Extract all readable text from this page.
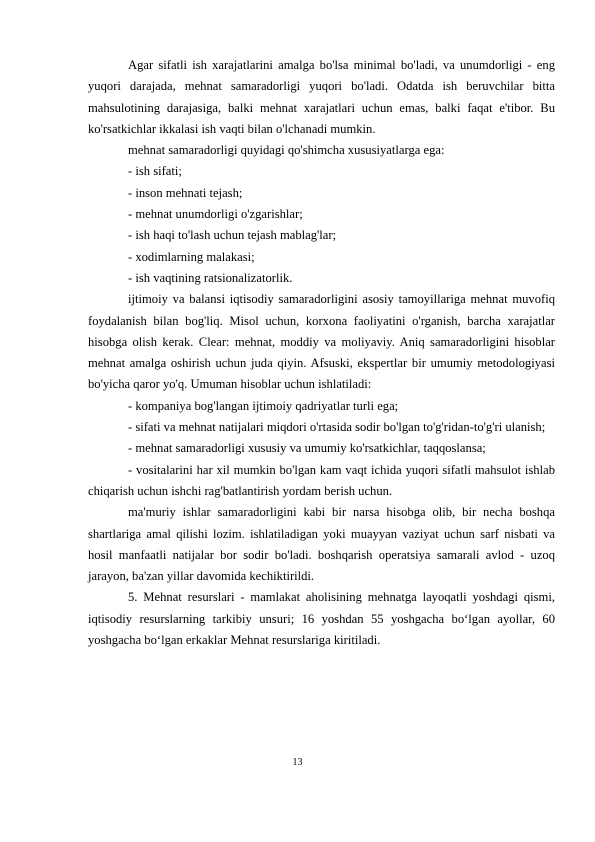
Agar sifatli ish xarajatlarini amalga bo'lsa minimal bo'ladi, va unumdorligi - eng yuqori darajada, mehnat samaradorligi yuqori bo'ladi. Odatda ish beruvchilar bitta mahsulotining darajasiga, balki mehnat xarajatlari uchun emas, balki faqat e'tibor. Bu ko'rsatkichlar ikkalasi ish vaqti bilan o'lchanadi mumkin.

mehnat samaradorligi quyidagi qo'shimcha xususiyatlarga ega:

- ish sifati;

- inson mehnati tejash;

- mehnat unumdorligi o'zgarishlar;

- ish haqi to'lash uchun tejash mablag'lar;

- xodimlarning malakasi;

- ish vaqtining ratsionalizatorlik.

ijtimoiy va balansi iqtisodiy samaradorligini asosiy tamoyillariga mehnat muvofiq foydalanish bilan bog'liq. Misol uchun, korxona faoliyatini o'rganish, barcha xarajatlar hisobga olish kerak. Clear: mehnat, moddiy va moliyaviy. Aniq samaradorligini hisoblar mehnat amalga oshirish uchun juda qiyin. Afsuski, ekspertlar bir umumiy metodologiyasi bo'yicha qaror yo'q. Umuman hisoblar uchun ishlatiladi:

- kompaniya bog'langan ijtimoiy qadriyatlar turli ega;

- sifati va mehnat natijalari miqdori o'rtasida sodir bo'lgan to'g'ridan-to'g'ri ulanish;

- mehnat samaradorligi xususiy va umumiy ko'rsatkichlar, taqqoslansa;

- vositalarini har xil mumkin bo'lgan kam vaqt ichida yuqori sifatli mahsulot ishlab chiqarish uchun ishchi rag'batlantirish yordam berish uchun.

ma'muriy ishlar samaradorligini kabi bir narsa hisobga olib, bir necha boshqa shartlariga amal qilishi lozim. ishlatiladigan yoki muayyan vaziyat uchun sarf nisbati va hosil manfaatli natijalar bor sodir bo'ladi. boshqarish operatsiya samarali avlod - uzoq jarayon, ba'zan yillar davomida kechiktirildi.

5. Mehnat resurslari - mamlakat aholisining mehnatga layoqatli yoshdagi qismi, iqtisodiy resurslarning tarkibiy unsuri; 16 yoshdan 55 yoshgacha bo‘lgan ayollar, 60 yoshgacha bo‘lgan erkaklar Mehnat resurslariga kiritiladi.

13
